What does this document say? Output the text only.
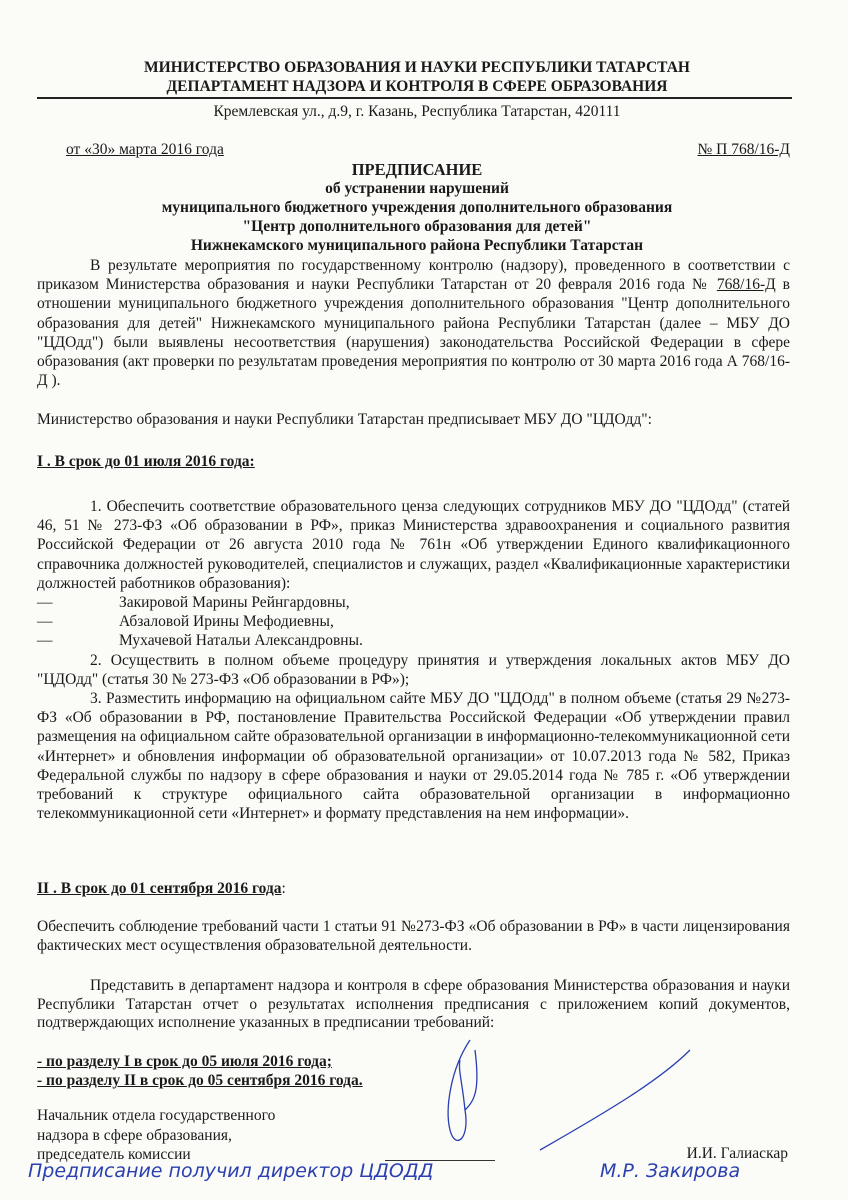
МИНИСТЕРСТВО ОБРАЗОВАНИЯ И НАУКИ РЕСПУБЛИКИ ТАТАРСТАН
ДЕПАРТАМЕНТ НАДЗОРА И КОНТРОЛЯ В СФЕРЕ ОБРАЗОВАНИЯ
Кремлевская ул., д.9, г. Казань, Республика Татарстан, 420111
от «30» марта 2016 года	№ П 768/16-Д
ПРЕДПИСАНИЕ
об устранении нарушений
муниципального бюджетного учреждения дополнительного образования
"Центр дополнительного образования для детей"
Нижнекамского муниципального района Республики Татарстан
В результате мероприятия по государственному контролю (надзору), проведенного в соответствии с приказом Министерства образования и науки Республики Татарстан от 20 февраля 2016 года № 768/16-Д в отношении муниципального бюджетного учреждения дополнительного образования "Центр дополнительного образования для детей" Нижнекамского муниципального района Республики Татарстан (далее – МБУ ДО "ЦДОдд") были выявлены несоответствия (нарушения) законодательства Российской Федерации в сфере образования (акт проверки по результатам проведения мероприятия по контролю от 30 марта 2016 года А 768/16-Д ).
Министерство образования и науки Республики Татарстан предписывает МБУ ДО "ЦДОдд":
I . В срок до 01 июля 2016 года:
1. Обеспечить соответствие образовательного ценза следующих сотрудников МБУ ДО "ЦДОдд" (статей 46, 51 № 273-ФЗ «Об образовании в РФ», приказ Министерства здравоохранения и социального развития Российской Федерации от 26 августа 2010 года № 761н «Об утверждении Единого квалификационного справочника должностей руководителей, специалистов и служащих, раздел «Квалификационные характеристики должностей работников образования):
—	Закировой Марины Рейнгардовны,
—	Абзаловой Ирины Мефодиевны,
—	Мухачевой Натальи Александровны.
2. Осуществить в полном объеме процедуру принятия и утверждения локальных актов МБУ ДО "ЦДОдд" (статья 30 № 273-ФЗ «Об образовании в РФ»);
3. Разместить информацию на официальном сайте МБУ ДО "ЦДОдд" в полном объеме (статья 29 №273-ФЗ «Об образовании в РФ, постановление Правительства Российской Федерации «Об утверждении правил размещения на официальном сайте образовательной организации в информационно-телекоммуникационной сети «Интернет» и обновления информации об образовательной организации» от 10.07.2013 года № 582, Приказ Федеральной службы по надзору в сфере образования и науки от 29.05.2014 года № 785 г. «Об утверждении требований к структуре официального сайта образовательной организации в информационно телекоммуникационной сети «Интернет» и формату представления на нем информации».
II . В срок до 01 сентября 2016 года:
Обеспечить соблюдение требований части 1 статьи 91 №273-ФЗ «Об образовании в РФ» в части лицензирования фактических мест осуществления образовательной деятельности.
Представить в департамент надзора и контроля в сфере образования Министерства образования и науки Республики Татарстан отчет о результатах исполнения предписания с приложением копий документов, подтверждающих исполнение указанных в предписании требований:
- по разделу I в срок до 05 июля 2016 года;
- по разделу II в срок до 05 сентября 2016 года.
Начальник отдела государственного
надзора в сфере образования,
председатель комиссии	И.И. Галиаскар
Предписание получил директор ЦДОДД	М.Р. Закирова
